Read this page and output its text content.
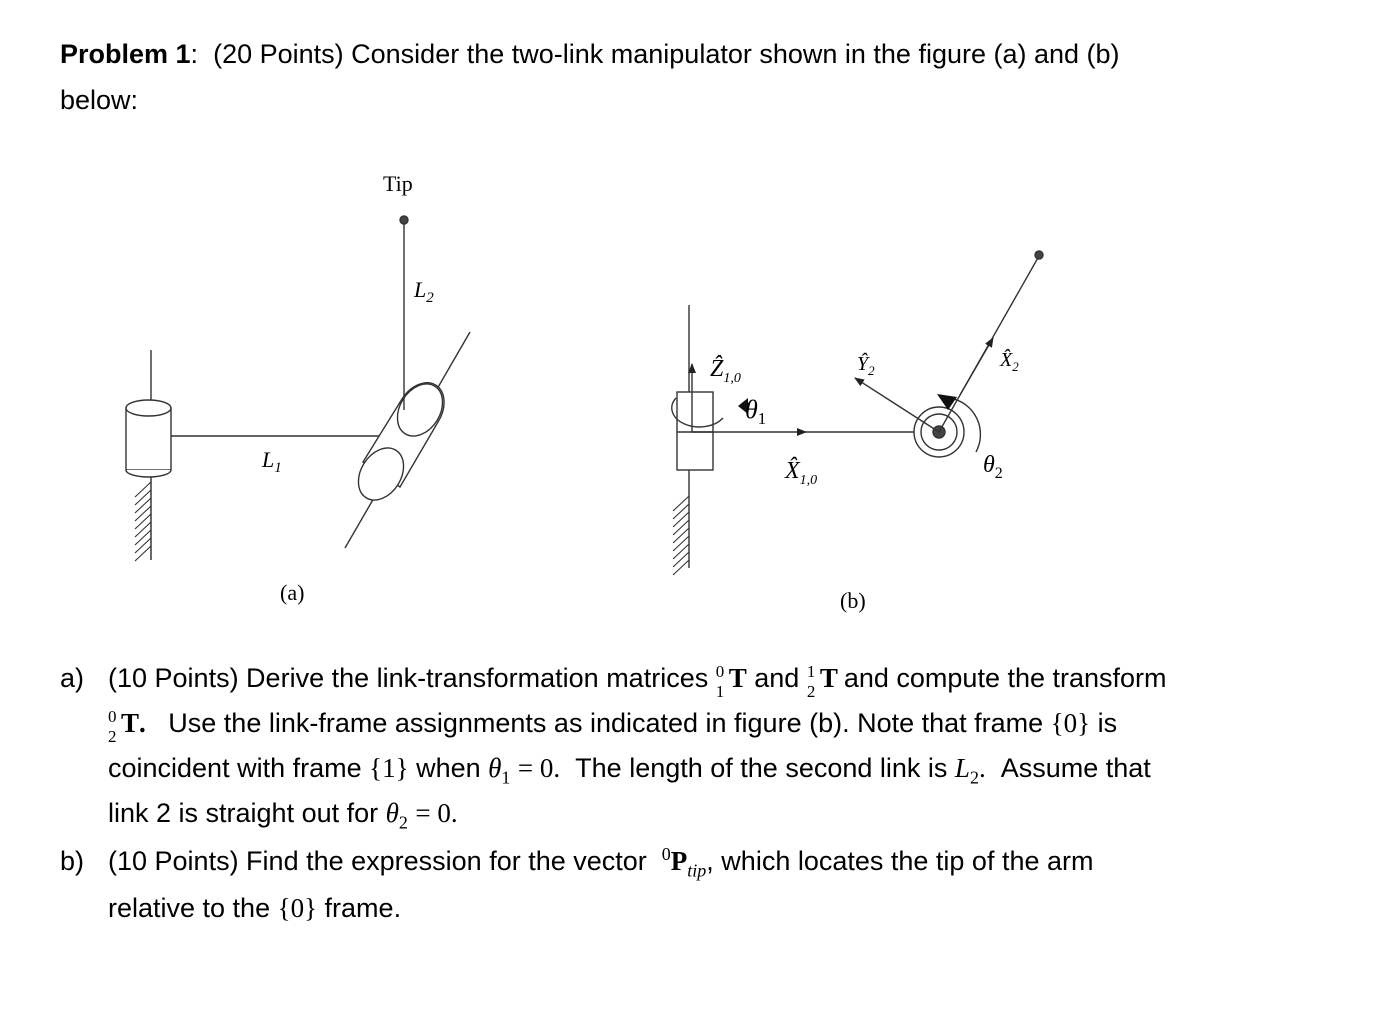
Problem 1: (20 Points) Consider the two-link manipulator shown in the figure (a) and (b)
below:
Tip
$L_2$
$L_1$
(a)
Ẑ$_{1,0}$
$\theta_1$
$X̂_{1,0}$
$Ŷ_2$	$X̂_2$
$\theta_2$
(b)
a) (10 Points) Derive the link-transformation matrices 0
1 T and 1
2 T and compute the transform
0
2 T. Use the link-frame assignments as indicated in figure (b). Note that frame {0} is
coincident with frame {1} when $\theta_1 = 0$. The length of the second link is $L_2$. Assume that
link 2 is straight out for $\theta_2 = 0$.
b) (10 Points) Find the expression for the vector $^0P_{tip}$, which locates the tip of the arm
relative to the {0} frame.
